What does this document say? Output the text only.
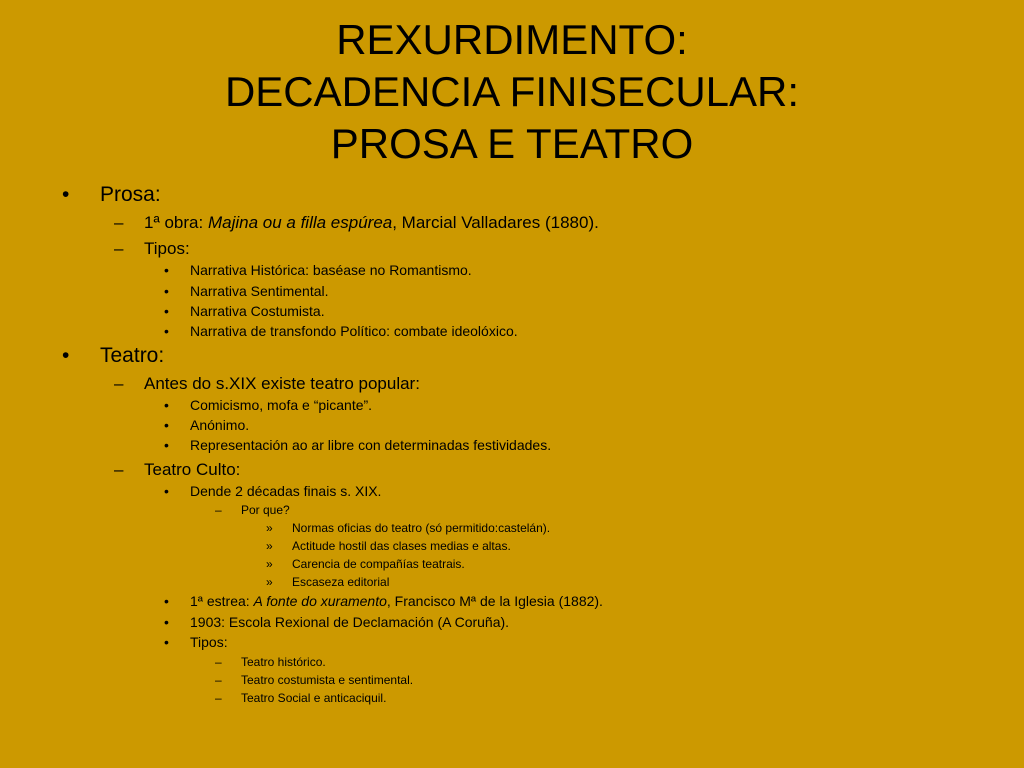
REXURDIMENTO:
DECADENCIA FINISECULAR:
PROSA E TEATRO
• Prosa:
– 1ª obra: Majina ou a filla espúrea, Marcial Valladares (1880).
– Tipos:
• Narrativa Histórica: baséase no Romantismo.
• Narrativa Sentimental.
• Narrativa Costumista.
• Narrativa de transfondo Político: combate ideolóxico.
• Teatro:
– Antes do s.XIX existe teatro popular:
• Comicismo, mofa e “picante”.
• Anónimo.
• Representación ao ar libre con determinadas festividades.
– Teatro Culto:
• Dende 2 décadas finais s. XIX.
– Por que?
» Normas oficias do teatro (só permitido:castelán).
» Actitude hostil das clases medias e altas.
» Carencia de compañías teatrais.
» Escaseza editorial
• 1ª estrea: A fonte do xuramento, Francisco Mª de la Iglesia (1882).
• 1903: Escola Rexional de Declamación (A Coruña).
• Tipos:
– Teatro histórico.
– Teatro costumista e sentimental.
– Teatro Social e anticaciquil.
